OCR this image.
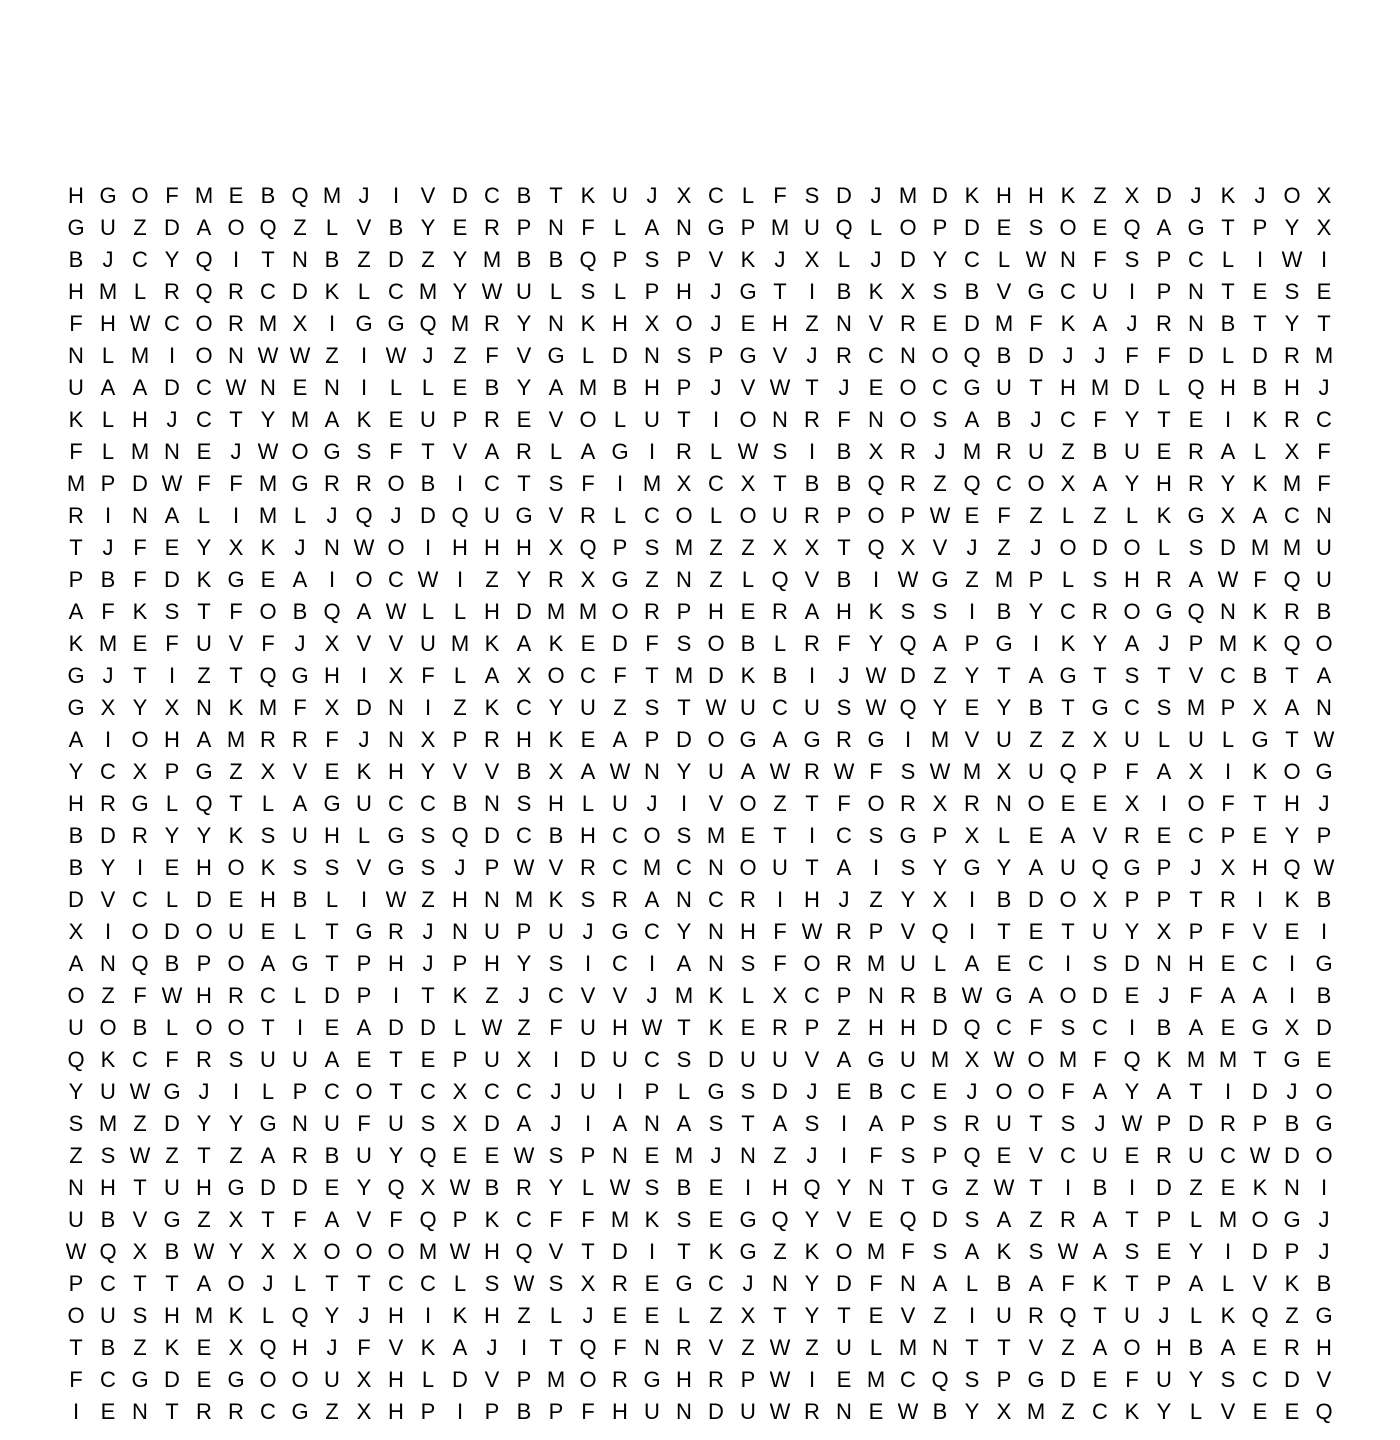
H G O F M E B Q M J	I V D C B T K U J X C L F S D J M D K H H K Z X D J K J O X
G U Z D A O Q Z L V B Y E R P N F L A N G P M U Q L O P D E S O E Q A G T P Y X
B J C Y Q I	T N B Z D Z Y M B B Q P S P V K J X L J D Y C L W N F S P C L	I W I
H M L R Q R C D K L C M Y W U L S L P H J G T	I B K X S B V G C U I P N T E S E
F H W C O R M X I G G Q M R Y N K H X O J E H Z N V R E D M F K A J R N B T Y T
N L M I O N W W Z	I W J Z F V G L D N S P G V J R C N O Q B D J J F F D L D R M
U A A D C W N E N I	L L E B Y A M B H P J V W T J E O C G U T H M D L Q H B H J
K L H J C T Y M A K E U P R E V O L U T	I O N R F N O S A B J C F Y T E I K R C
F L M N E J W O G S F T V A R L A G I R L W S I B X R J M R U Z B U E R A L X F
M P D W F F M G R R O B I C T S F	I M X C X T B B Q R Z Q C O X A Y H R Y K M F
R I N A L	I M L J Q J D Q U G V R L C O L O U R P O P W E F Z L Z L K G X A C N
T J F E Y X K J N W O I H H H X Q P S M Z Z X X T Q X V J Z J O D O L S D M M U
P B F D K G E A I O C W I	Z Y R X G Z N Z L Q V B I W G Z M P L S H R A W F Q U
A F K S T F O B Q A W L L H D M M O R P H E R A H K S S I B Y C R O G Q N K R B
K M E F U V F J X V V U M K A K E D F S O B L R F Y Q A P G I K Y A J P M K Q O
G J T	I	Z T Q G H I X F L A X O C F T M D K B I	J W D Z Y T A G T S T V C B T A
G X Y X N K M F X D N I	Z K C Y U Z S T W U C U S W Q Y E Y B T G C S M P X A N
A I O H A M R R F J N X P R H K E A P D O G A G R G I M V U Z Z X U L U L G T W
Y C X P G Z X V E K H Y V V B X A W N Y U A W R W F S W M X U Q P F A X I K O G
H R G L Q T L A G U C C B N S H L U J	I V O Z T F O R X R N O E E X I O F T H J
B D R Y Y K S U H L G S Q D C B H C O S M E T	I C S G P X L E A V R E C P E Y P
B Y I E H O K S S V G S J P W V R C M C N O U T A I S Y G Y A U Q G P J X H Q W
D V C L D E H B L	I W Z H N M K S R A N C R I H J Z Y X I B D O X P P T R I K B
X I O D O U E L T G R J N U P U J G C Y N H F W R P V Q I	T E T U Y X P F V E I
A N Q B P O A G T P H J P H Y S I C I A N S F O R M U L A E C I S D N H E C I G
O Z F W H R C L D P I	T K Z J C V V J M K L X C P N R B W G A O D E J F A A I B
U O B L O O T	I E A D D L W Z F U H W T K E R P Z H H D Q C F S C I B A E G X D
Q K C F R S U U A E T E P U X I D U C S D U U V A G U M X W O M F Q K M M T G E
Y U W G J	I	L P C O T C X C C J U I P L G S D J E B C E J O O F A Y A T	I D J O
S M Z D Y Y G N U F U S X D A J	I A N A S T A S I A P S R U T S J W P D R P B G
Z S W Z T Z A R B U Y Q E E W S P N E M J N Z J	I	F S P Q E V C U E R U C W D O
N H T U H G D D E Y Q X W B R Y L W S B E I H Q Y N T G Z W T	I B I D Z E K N I
U B V G Z X T F A V F Q P K C F F M K S E G Q Y V E Q D S A Z R A T P L M O G J
W Q X B W Y X X O O O M W H Q V T D I	T K G Z K O M F S A K S W A S E Y I D P J
P C T T A O J L T T C C L S W S X R E G C J N Y D F N A L B A F K T P A L V K B
O U S H M K L Q Y J H I K H Z L J E E L Z X T Y T E V Z	I U R Q T U J L K Q Z G
T B Z K E X Q H J F V K A J	I	T Q F N R V Z W Z U L M N T T V Z A O H B A E R H
F C G D E G O O U X H L D V P M O R G H R P W I E M C Q S P G D E F U Y S C D V
I E N T R R C G Z X H P I P B P F H U N D U W R N E W B Y X M Z C K Y L V E E Q
